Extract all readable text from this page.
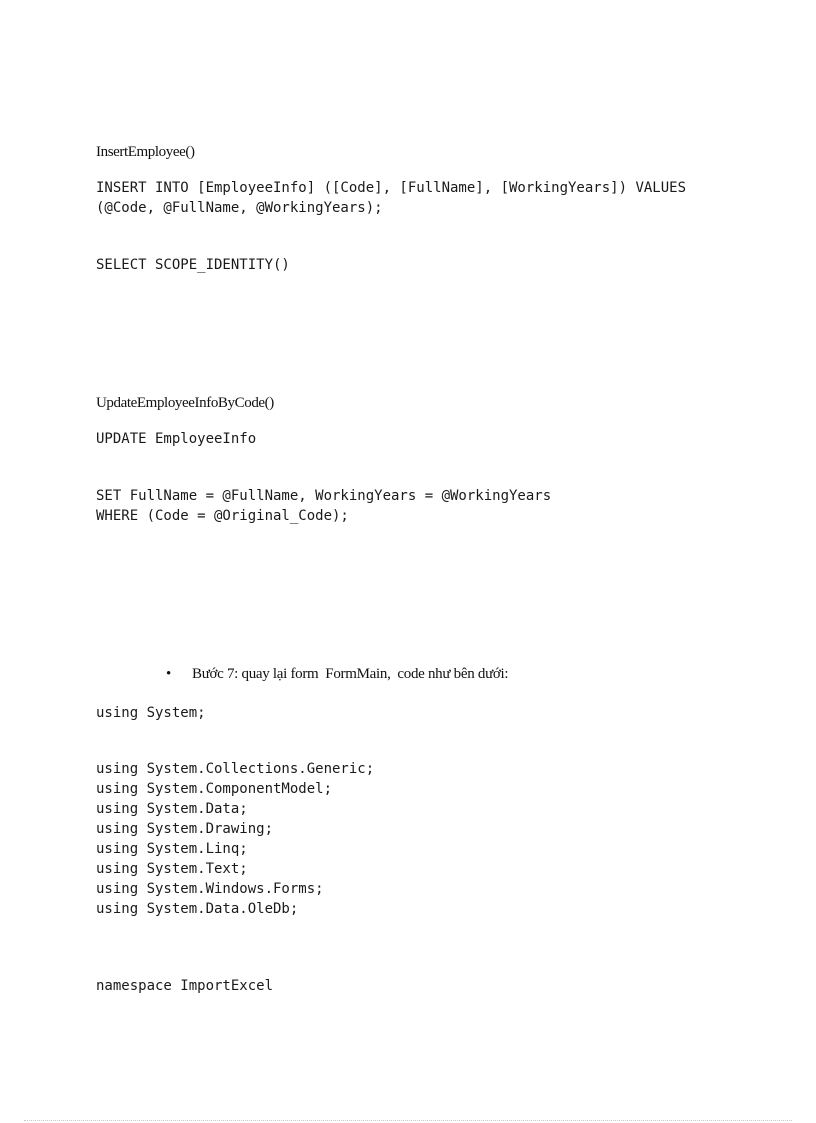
InsertEmployee()
INSERT INTO [EmployeeInfo] ([Code], [FullName], [WorkingYears]) VALUES
(@Code, @FullName, @WorkingYears);
SELECT SCOPE_IDENTITY()
UpdateEmployeeInfoByCode()
UPDATE EmployeeInfo
SET FullName = @FullName, WorkingYears = @WorkingYears
WHERE (Code = @Original_Code);
• Bước 7: quay lại form  FormMain,  code như bên dưới:
using System;
using System.Collections.Generic;
using System.ComponentModel;
using System.Data;
using System.Drawing;
using System.Linq;
using System.Text;
using System.Windows.Forms;
using System.Data.OleDb;
namespace ImportExcel
